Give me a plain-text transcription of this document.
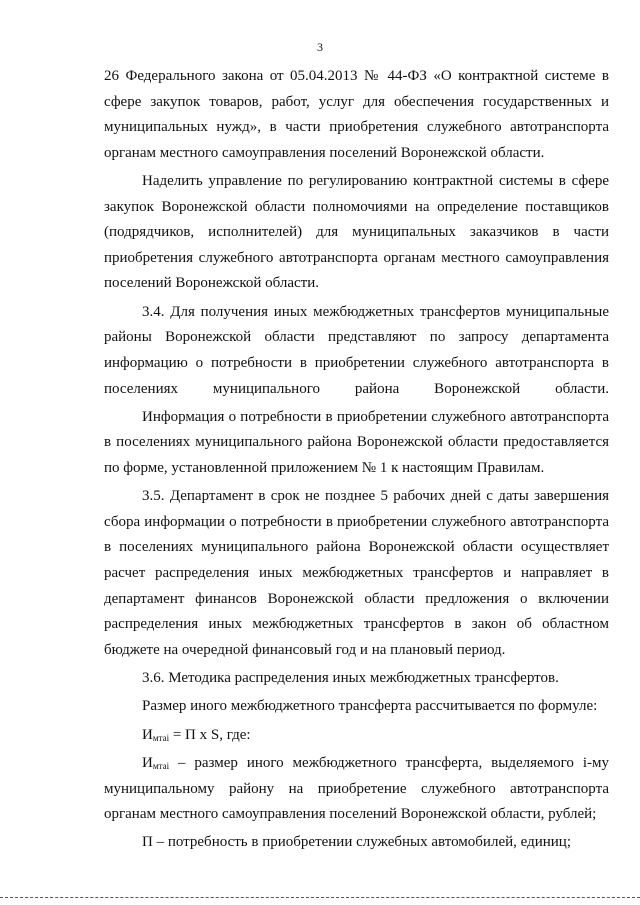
3

26 Федерального закона от 05.04.2013 № 44-ФЗ «О контрактной системе в сфере закупок товаров, работ, услуг для обеспечения государственных и муниципальных нужд», в части приобретения служебного автотранспорта органам местного самоуправления поселений Воронежской области.

Наделить управление по регулированию контрактной системы в сфере закупок Воронежской области полномочиями на определение поставщиков (подрядчиков, исполнителей) для муниципальных заказчиков в части приобретения служебного автотранспорта органам местного самоуправления поселений Воронежской области.

3.4. Для получения иных межбюджетных трансфертов муниципальные районы Воронежской области представляют по запросу департамента информацию о потребности в приобретении служебного автотранспорта в поселениях муниципального района Воронежской области.

Информация о потребности в приобретении служебного автотранспорта в поселениях муниципального района Воронежской области предоставляется по форме, установленной приложением № 1 к настоящим Правилам.

3.5. Департамент в срок не позднее 5 рабочих дней с даты завершения сбора информации о потребности в приобретении служебного автотранспорта в поселениях муниципального района Воронежской области осуществляет расчет распределения иных межбюджетных трансфертов и направляет в департамент финансов Воронежской области предложения о включении распределения иных межбюджетных трансфертов в закон об областном бюджете на очередной финансовый год и на плановый период.

3.6. Методика распределения иных межбюджетных трансфертов.

Размер иного межбюджетного трансферта рассчитывается по формуле:

$И_{мтаi} = П$ x S, где:

$И_{мтаi}$ – размер иного межбюджетного трансферта, выделяемого i-му муниципальному району на приобретение служебного автотранспорта органам местного самоуправления поселений Воронежской области, рублей;

П – потребность в приобретении служебных автомобилей, единиц;
